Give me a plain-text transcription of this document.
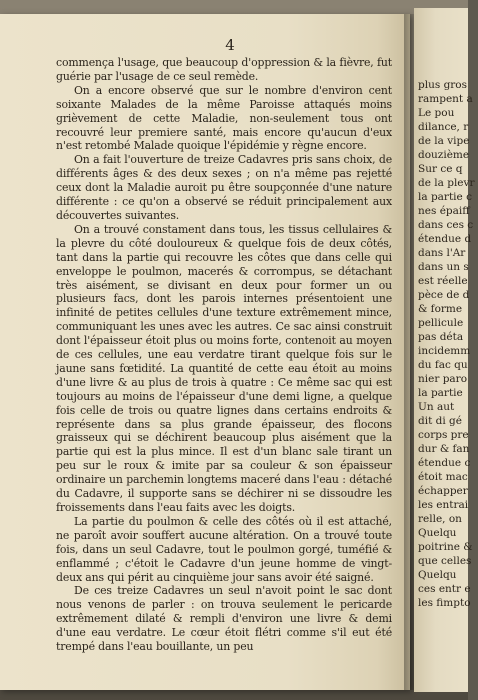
plus gros
rampent a
Le pou
dilance, r
de la vipe
douzième
Sur ce q
de la plevr
la partie c
nes épaiff
dans ces c
étendue d
dans l'Ar
dans un s
est réelle
pèce de d
& forme
pellicule
pas déta
incidemm
du fac qu
nier paro
la partie
Un aut
dit di gé
corps pre
dur & fan
étendue c
étoit mac
échapper
les entrai
relle, on
Quelqu
poitrine &
que celles
Quelqu
ces entr e
les fimpto
4

commença l'usage, que beaucoup d'oppression & la fièvre, fut guérie par l'usage de ce seul remède.

On a encore observé que sur le nombre d'environ cent soixante Malades de la même Paroisse attaqués moins grièvement de cette Maladie, non-seulement tous ont recouvré leur premiere santé, mais encore qu'aucun d'eux n'est retombé Malade quoique l'épidémie y règne encore.

On a fait l'ouverture de treize Cadavres pris sans choix, de différents âges & des deux sexes ; on n'a même pas rejetté ceux dont la Maladie auroit pu être soupçonnée d'une nature différente : ce qu'on a observé se réduit principalement aux découvertes suivantes.

On a trouvé constament dans tous, les tissus cellulaires & la plevre du côté douloureux & quelque fois de deux côtés, tant dans la partie qui recouvre les côtes que dans celle qui enveloppe le poulmon, macerés & corrompus, se détachant très aisément, se divisant en deux pour former un ou plusieurs facs, dont les parois internes présentoient une infinité de petites cellules d'une texture extrêmement mince, communiquant les unes avec les autres. Ce sac ainsi construit dont l'épaisseur étoit plus ou moins forte, contenoit au moyen de ces cellules, une eau verdatre tirant quelque fois sur le jaune sans fœtidité. La quantité de cette eau étoit au moins d'une livre & au plus de trois à quatre : Ce même sac qui est toujours au moins de l'épaisseur d'une demi ligne, a quelque fois celle de trois ou quatre lignes dans certains endroits & représente dans sa plus grande épaisseur, des flocons graisseux qui se déchirent beaucoup plus aisément que la partie qui est la plus mince. Il est d'un blanc sale tirant un peu sur le roux & imite par sa couleur & son épaisseur ordinaire un parchemin longtems maceré dans l'eau : détaché du Cadavre, il supporte sans se déchirer ni se dissoudre les froissements dans l'eau faits avec les doigts.

La partie du poulmon & celle des côtés où il est attaché, ne paroît avoir souffert aucune altération. On a trouvé toute fois, dans un seul Cadavre, tout le poulmon gorgé, tuméfié & enflammé ; c'étoit le Cadavre d'un jeune homme de vingt-deux ans qui périt au cinquième jour sans avoir été saigné.

De ces treize Cadavres un seul n'avoit point le sac dont nous venons de parler : on trouva seulement le pericarde extrêmement dilaté & rempli d'environ une livre & demi d'une eau verdatre. Le cœur étoit flétri comme s'il eut été trempé dans l'eau bouillante, un peu
